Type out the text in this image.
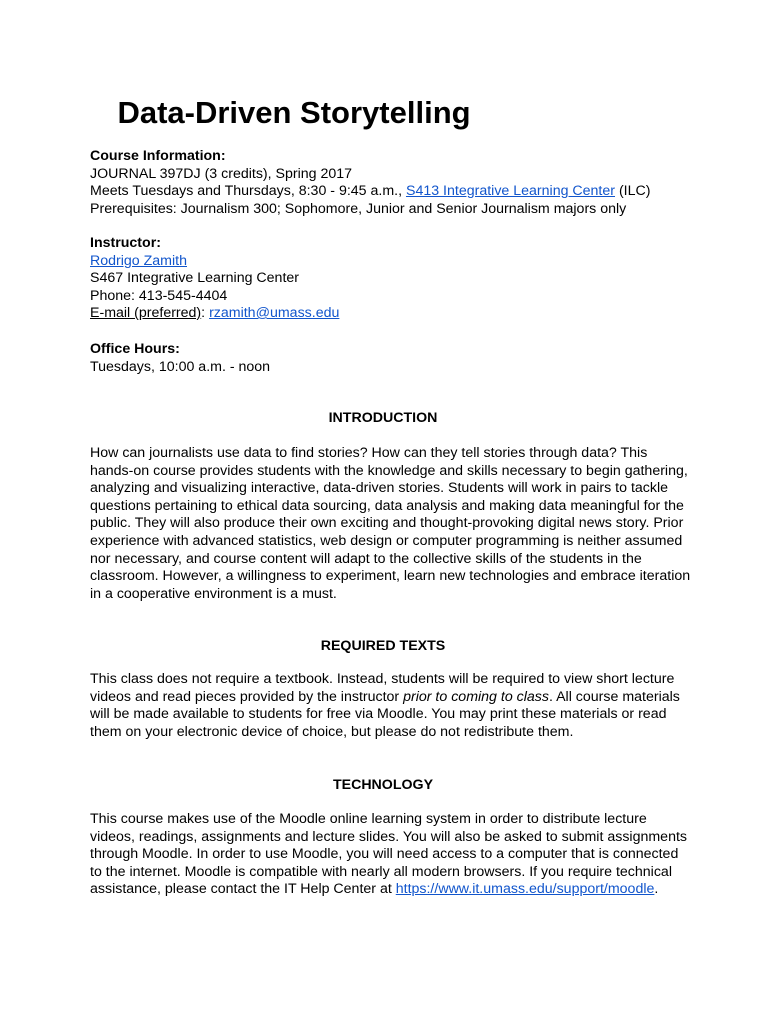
Data-Driven Storytelling

Course Information:

JOURNAL 397DJ (3 credits), Spring 2017

Meets Tuesdays and Thursdays, 8:30 - 9:45 a.m., S413 Integrative Learning Center (ILC)

Prerequisites: Journalism 300; Sophomore, Junior and Senior Journalism majors only

Instructor:

Rodrigo Zamith

S467 Integrative Learning Center

Phone: 413-545-4404

E-mail (preferred): rzamith@umass.edu

Office Hours:

Tuesdays, 10:00 a.m. - noon

INTRODUCTION
How can journalists use data to find stories? How can they tell stories through data? This
hands-on course provides students with the knowledge and skills necessary to begin gathering,
analyzing and visualizing interactive, data-driven stories. Students will work in pairs to tackle
questions pertaining to ethical data sourcing, data analysis and making data meaningful for the
public. They will also produce their own exciting and thought-provoking digital news story. Prior
experience with advanced statistics, web design or computer programming is neither assumed
nor necessary, and course content will adapt to the collective skills of the students in the
classroom. However, a willingness to experiment, learn new technologies and embrace iteration
in a cooperative environment is a must.
REQUIRED TEXTS
This class does not require a textbook. Instead, students will be required to view short lecture
videos and read pieces provided by the instructor prior to coming to class. All course materials
will be made available to students for free via Moodle. You may print these materials or read
them on your electronic device of choice, but please do not redistribute them.
TECHNOLOGY
This course makes use of the Moodle online learning system in order to distribute lecture
videos, readings, assignments and lecture slides. You will also be asked to submit assignments
through Moodle. In order to use Moodle, you will need access to a computer that is connected
to the internet. Moodle is compatible with nearly all modern browsers. If you require technical
assistance, please contact the IT Help Center at https://www.it.umass.edu/support/moodle.
